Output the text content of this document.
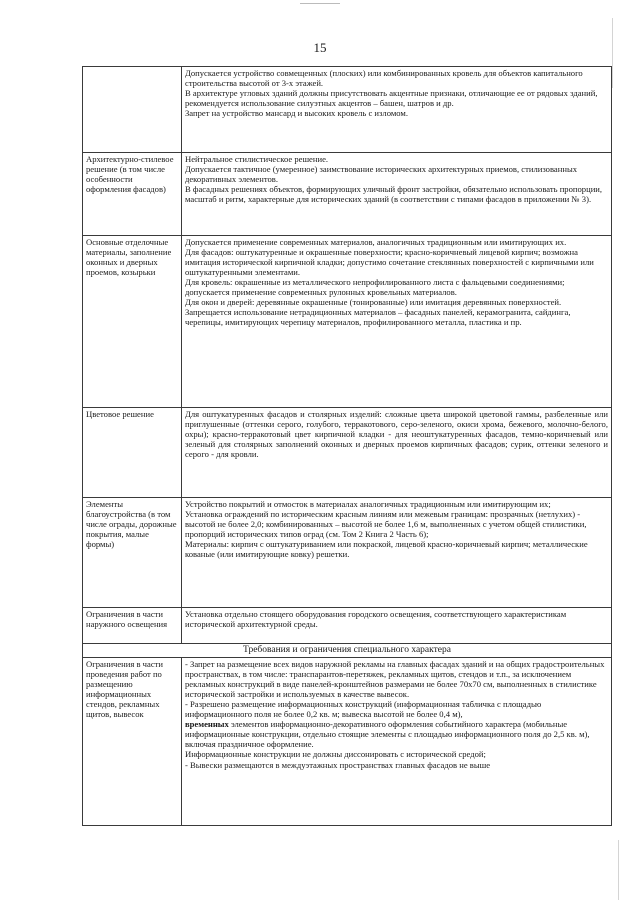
15

	Допускается устройство совмещенных (плоских) или комбинированных кровель для объектов капитального строительства высотой от 3-х этажей.
В архитектуре угловых зданий должны присутствовать акцентные признаки, отличающие ее от рядовых зданий, рекомендуется использование силуэтных акцентов – башен, шатров и др.
Запрет на устройство мансард и высоких кровель с изломом.

Архитектурно-стилевое решение (в том числе особенности оформления фасадов)	Нейтральное стилистическое решение.
Допускается тактичное (умеренное) заимствование исторических архитектурных приемов, стилизованных декоративных элементов.
В фасадных решениях объектов, формирующих уличный фронт застройки, обязательно использовать пропорции, масштаб и ритм, характерные для исторических зданий (в соответствии с типами фасадов в приложении № 3).

Основные отделочные материалы, заполнение оконных и дверных проемов, козырьки	Допускается применение современных материалов, аналогичных традиционным или имитирующих их.
Для фасадов: оштукатуренные и окрашенные поверхности; красно-коричневый лицевой кирпич; возможна имитация исторической кирпичной кладки; допустимо сочетание стеклянных поверхностей с кирпичными или оштукатуренными элементами.
Для кровель: окрашенные из металлического непрофилированного листа с фальцевыми соединениями; допускается применение современных рулонных кровельных материалов.
Для окон и дверей: деревянные окрашенные (тонированные) или имитация деревянных поверхностей.
Запрещается использование нетрадиционных материалов – фасадных панелей, керамогранита, сайдинга, черепицы, имитирующих черепицу материалов, профилированного металла, пластика и пр.

Цветовое решение	Для оштукатуренных фасадов и столярных изделий: сложные цвета широкой цветовой гаммы, разбеленные или приглушенные (оттенки серого, голубого, терракотового, серо-зеленого, окиси хрома, бежевого, молочно-белого, охры); красно-терракотовый цвет кирпичной кладки - для неоштукатуренных фасадов, темно-коричневый или зеленый для столярных заполнений оконных и дверных проемов кирпичных фасадов; сурик, оттенки зеленого и серого - для кровли.

Элементы благоустройства (в том числе ограды, дорожные покрытия, малые формы)	Устройство покрытий и отмосток в материалах аналогичных традиционным или имитирующим их;
Установка ограждений по историческим красным линиям или межевым границам: прозрачных (нетлухих) - высотой не более 2,0; комбинированных – высотой не более 1,6 м, выполненных с учетом общей стилистики, пропорций исторических типов оград (см. Том 2 Книга 2 Часть 6);
Материалы: кирпич с оштукатуриванием или покраской, лицевой красно-коричневый кирпич; металлические кованые (или имитирующие ковку) решетки.

Ограничения в части наружного освещения	Установка отдельно стоящего оборудования городского освещения, соответствующего характеристикам исторической архитектурной среды.

Требования и ограничения специального характера	
Ограничения в части проведения работ по размещению информационных стендов, рекламных щитов, вывесок	- Запрет на размещение всех видов наружной рекламы на главных фасадах зданий и на общих градостроительных пространствах, в том числе: транспарантов-перетяжек, рекламных щитов, стендов и т.п., за исключением рекламных конструкций в виде панелей-кронштейнов размерами не более 70х70 см, выполненных в стилистике исторической застройки и используемых в качестве вывесок.
- Разрешено размещение информационных конструкций (информационная табличка с площадью информационного поля не более 0,2 кв. м; вывеска высотой не более 0,4 м),
временных элементов информационно-декоративного оформления событийного характера (мобильные информационные конструкции, отдельно стоящие элементы с площадью информационного поля до 2,5 кв. м), включая праздничное оформление.
Информационные конструкции не должны диссонировать с исторической средой;
- Вывески размещаются в междуэтажных пространствах главных фасадов не выше
